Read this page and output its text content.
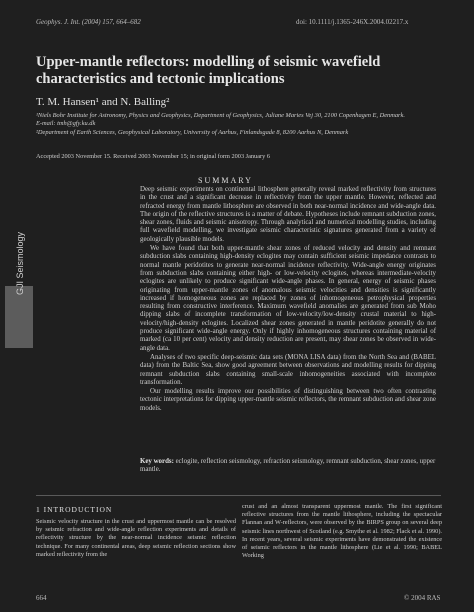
Geophys. J. Int. (2004) 157, 664–682	doi: 10.1111/j.1365-246X.2004.02217.x
Upper-mantle reflectors: modelling of seismic wavefield
characteristics and tectonic implications
T. M. Hansen¹ and N. Balling²
¹Niels Bohr Institute for Astronomy, Physics and Geophysics, Department of Geophysics, Juliane Maries Vej 30, 2100 Copenhagen E, Denmark.
E-mail: tmh@gfy.ku.dk
²Department of Earth Sciences, Geophysical Laboratory, University of Aarhus, Finlandsgade 8, 8200 Aarhus N, Denmark
Accepted 2003 November 15. Received 2003 November 15; in original form 2003 January 6
SUMMARY

Deep seismic experiments on continental lithosphere generally reveal marked reflectivity from structures in the crust and a significant decrease in reflectivity from the upper mantle. However, reflected and refracted energy from mantle lithosphere are observed in both near-normal incidence and wide-angle data. The origin of the reflective structures is a matter of debate. Hypotheses include remnant subduction zones, shear zones, fluids and seismic anisotropy. Through analytical and numerical modelling studies, including full wavefield modelling, we investigate seismic characteristic signatures generated from a variety of geologically plausible models.

We have found that both upper-mantle shear zones of reduced velocity and density and remnant subduction slabs containing high-density eclogites may contain sufficient seismic impedance contrasts to normal mantle peridotites to generate near-normal incidence reflectivity. Wide-angle energy originates from subduction slabs containing either high- or low-velocity eclogites, whereas intermediate-velocity eclogites are unlikely to produce significant wide-angle phases. In general, energy of seismic phases originating from upper-mantle zones of anomalous seismic velocities and densities is significantly increased if homogeneous zones are replaced by zones of inhomogeneous petrophysical properties resulting from constructive interference. Maximum wavefield anomalies are generated from sub Moho dipping slabs of incomplete transformation of low-velocity/low-density crustal material to high-velocity/high-density eclogites. Localized shear zones generated in mantle peridotite generally do not produce significant wide-angle energy. Only if highly inhomogeneous structures containing material of marked (ca 10 per cent) velocity and density reduction are present, may shear zones be observed in wide-angle data.

Analyses of two specific deep-seismic data sets (MONA LISA data) from the North Sea and (BABEL data) from the Baltic Sea, show good agreement between observations and modelling results for dipping remnant subduction slabs containing small-scale inhomogeneities associated with incomplete transformation.

Our modelling results improve our possibilities of distinguishing between two often contrasting tectonic interpretations for dipping upper-mantle seismic reflectors, the remnant subduction and shear zone models.

Key words: eclogite, reflection seismology, refraction seismology, remnant subduction, shear zones, upper mantle.
GJI Seismology
1 INTRODUCTION
Seismic velocity structure in the crust and uppermost mantle can be resolved by seismic refraction and wide-angle reflection experiments and details of reflectivity structure by the near-normal incidence seismic reflection technique. For many continental areas, deep seismic reflection sections show marked reflectivity from the
crust and an almost transparent uppermost mantle. The first significant reflective structures from the mantle lithosphere, including the spectacular Flannan and W-reflectors, were observed by the BIRPS group on several deep seismic lines northwest of Scotland (e.g. Smythe et al. 1982; Flack et al. 1990). In recent years, several seismic experiments have demonstrated the existence of seismic reflectors in the mantle lithosphere (Lie et al. 1990; BABEL Working
664	© 2004 RAS
